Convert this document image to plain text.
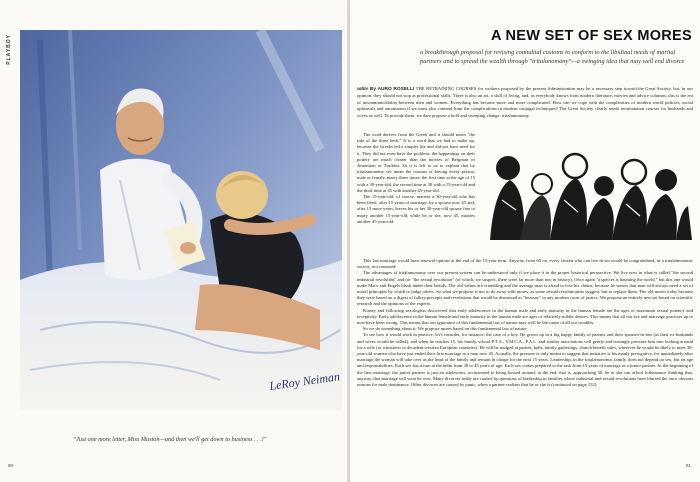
PLAYBOY
LeRoy Neiman
"Just one more letter, Miss Maston—and then we'll get down to business . . .!"
80
A NEW SET OF SEX MORES
a breakthrough proposal for revising connubial customs to conform to the libidinal needs of marital partners and to spread the wealth through "tritalanomony"—a swinging idea that may well end divorce
satire By AURO ROSELLI THE RETRAINING COURSES for workers proposed by the present Administration may be a necessary step toward the Great Society, but, in our opinion, they should not stop at professional skills. There is also an art, a skill of living, and, as everybody knows from modern literature, movies and advice columns, this is the era of incommunicability between men and women. Everything has become more and more complicated. How can we cope with the complexities of modern world policies, social upheavals and automation if we must also contend from the complications in modern conjugal techniques? The Great Society clearly needs reorientation courses for husbands and wives as well. To provide them, we dare propose a bold and sweeping change: tritalamonomy.

The word derives from the Greek and it should mean "the rule of the three beds." It is a word that we had to make up, because the Greeks led a simpler life and did not have need for it. They did not even have the problem: the happenings on their pottery are much clearer than the movies of Bergman or Antonioni or Truffaut. So it is left to us to explain that by tritalamonomy we mean the custom of having every person, male or female, marry three times: the first time at the age of 15 with a 30-year-old, the second time at 30 with a 15-year-old and the third time at 45 with another 45-year-old.

The 15-year-old, of course, marries a 30-year-old who has been freed, after 15 years of marriage, by a spouse now 45 and, after 15 more years, leaves his or her 30-year-old spouse free to marry another 15-year-old, while he or she, now 45, marries another 45-year-old.

This last marriage would have renewal options at the end of the 15-year term. Anyway, from 60 on, every citizen who can live in sin would be congratulated, in a tritalamonomic society, not censured.

The advantages of tritalamonomy over our present system can be understood only if we place it in the proper historical perspective. We live now in what is called "the second industrial revolution" and (or "the sexual revolution" (of which, we suspect, there were far more than two in history). Once again "a specter is haunting the world," but this one would make Marx and Engels blush under their beards. The old values are crumbling and the average man is afraid to lose his chains, because he senses that man will always need a set of moral principles by which to judge others. So what we propose is not to do away with mores, as some sexual revolutionists suggest, but to replace them. The old mores today because they were based on a digest of folkey precepts and revelations that would be dismissed as "hearsay" in any modern court of justice. We propose an entirely new set based on scientific research and the opinions of the experts.

Kinsey and following sexologists discovered that early adolescence in the human male and early maturity in the human female are the ages of maximum sexual potency and receptivity. Early adolescence in the human female and early maturity in the human male are ages of relatively milder desires. This means that all our sex and marriage practices up to now have been wrong. This means that our ignorance of this fundamental law of nature may well be the cause of all our troubles.

So we do something about it: We propose mores based on this fundamental law of nature.

To see how it would work in practice, let's consider, for instance, the case of a boy. He grows up in a big happy family of parents and their spouses-in-law (as their ex-husbands and wives would be called), and when he reaches 15, his family, school P.T.A., Y.M.C.A., P.A.L. and similar associations will gently and teasingly pressure him into looking around for a wife (or a mistress in decadent western European countries). He will be nudged at parties, balls, family gatherings, church benefit sales, wherever he would be likely to meet 30-year-old women who have just ended their first marriage to a man now 45. Actually, the pressure is only meant to suggest that initiative is his manly prerogative, for immediately after marriage the woman will take over as the head of the family and remain in charge for the next 15 years. Leadership, in the tritalamonomic family, does not depend on sex, but on age and responsibilities. Each sex has a turn at the helm from 30 to 45 years of age. Each sex comes prepared to the task from 15 years of marriage as a junior partner. At the beginning of the first marriage, the junior partner is just an adolescent, accustomed to being bossed around; at the end, that is, approaching 30, he or she can afford forbearance thinking that, anyway, that marriage will soon be over. Many divorces today are caused by questions of leadership in families where industrial and sexual revolutions have blurred the once obvious reasons for male dominance. Other divorces are caused by panic, when a partner realizes that he or she is (continued on page 152)

81
